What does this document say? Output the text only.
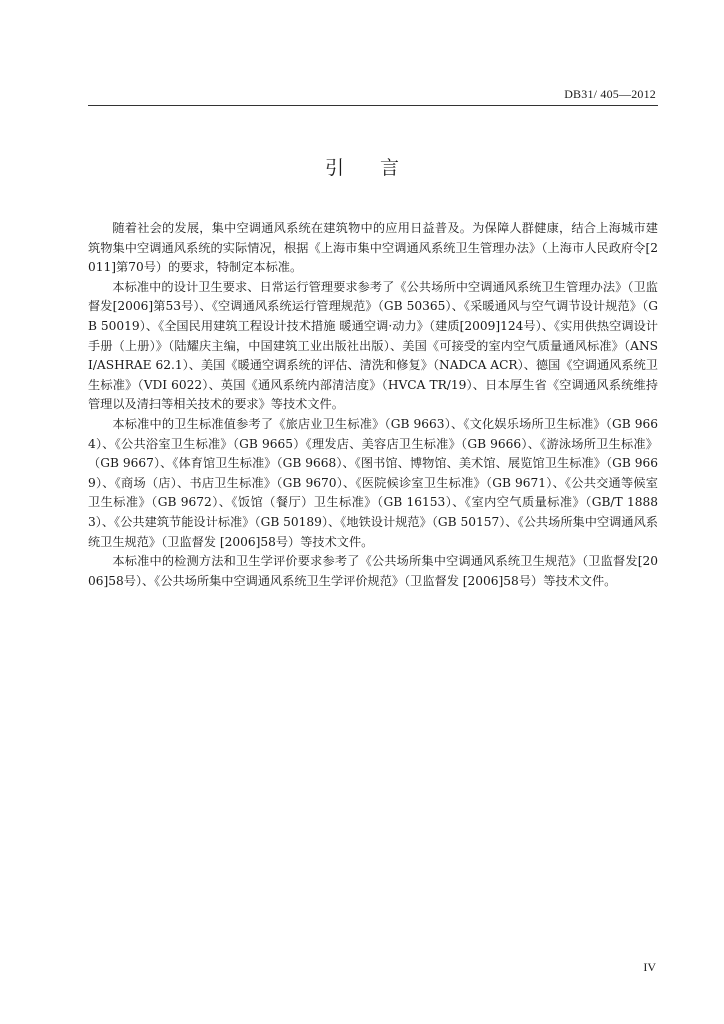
DB31/ 405—2012
引言

随着社会的发展，集中空调通风系统在建筑物中的应用日益普及。为保障人群健康，结合上海城市建筑物集中空调通风系统的实际情况，根据《上海市集中空调通风系统卫生管理办法》（上海市人民政府令[2011]第70号）的要求，特制定本标准。

本标准中的设计卫生要求、日常运行管理要求参考了《公共场所中空调通风系统卫生管理办法》（卫监督发[2006]第53号）、《空调通风系统运行管理规范》（GB 50365）、《采暖通风与空气调节设计规范》（GB 50019）、《全国民用建筑工程设计技术措施 暖通空调·动力》（建质[2009]124号）、《实用供热空调设计手册（上册）》（陆耀庆主编，中国建筑工业出版社出版）、美国《可接受的室内空气质量通风标准》（ANSI/ASHRAE 62.1）、美国《暖通空调系统的评估、清洗和修复》（NADCA ACR）、德国《空调通风系统卫生标准》（VDI 6022）、英国《通风系统内部清洁度》（HVCA TR/19）、日本厚生省《空调通风系统维持管理以及清扫等相关技术的要求》等技术文件。

本标准中的卫生标准值参考了《旅店业卫生标准》（GB 9663）、《文化娱乐场所卫生标准》（GB 9664）、《公共浴室卫生标准》（GB 9665）《理发店、美容店卫生标准》（GB 9666）、《游泳场所卫生标准》（GB 9667）、《体育馆卫生标准》（GB 9668）、《图书馆、博物馆、美术馆、展览馆卫生标准》（GB 9669）、《商场（店）、书店卫生标准》（GB 9670）、《医院候诊室卫生标准》（GB 9671）、《公共交通等候室卫生标准》（GB 9672）、《饭馆（餐厅）卫生标准》（GB 16153）、《室内空气质量标准》（GB/T 18883）、《公共建筑节能设计标准》（GB 50189）、《地铁设计规范》（GB 50157）、《公共场所集中空调通风系统卫生规范》（卫监督发 [2006]58号）等技术文件。

本标准中的检测方法和卫生学评价要求参考了《公共场所集中空调通风系统卫生规范》（卫监督发[2006]58号）、《公共场所集中空调通风系统卫生学评价规范》（卫监督发 [2006]58号）等技术文件。

IV
